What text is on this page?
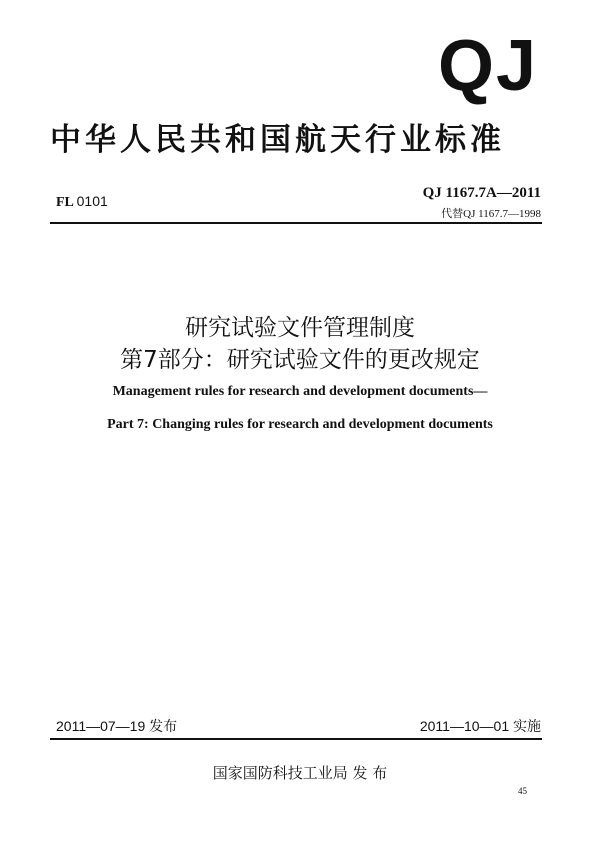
QJ
中华人民共和国航天行业标准
FL 0101	QJ 1167.7A—2011
代替QJ 1167.7—1998
研究试验文件管理制度
第7部分：研究试验文件的更改规定
Management rules for research and development documents—
Part 7: Changing rules for research and development documents
2011—07—19 发布	2011—10—01 实施
国家国防科技工业局 发 布
45
